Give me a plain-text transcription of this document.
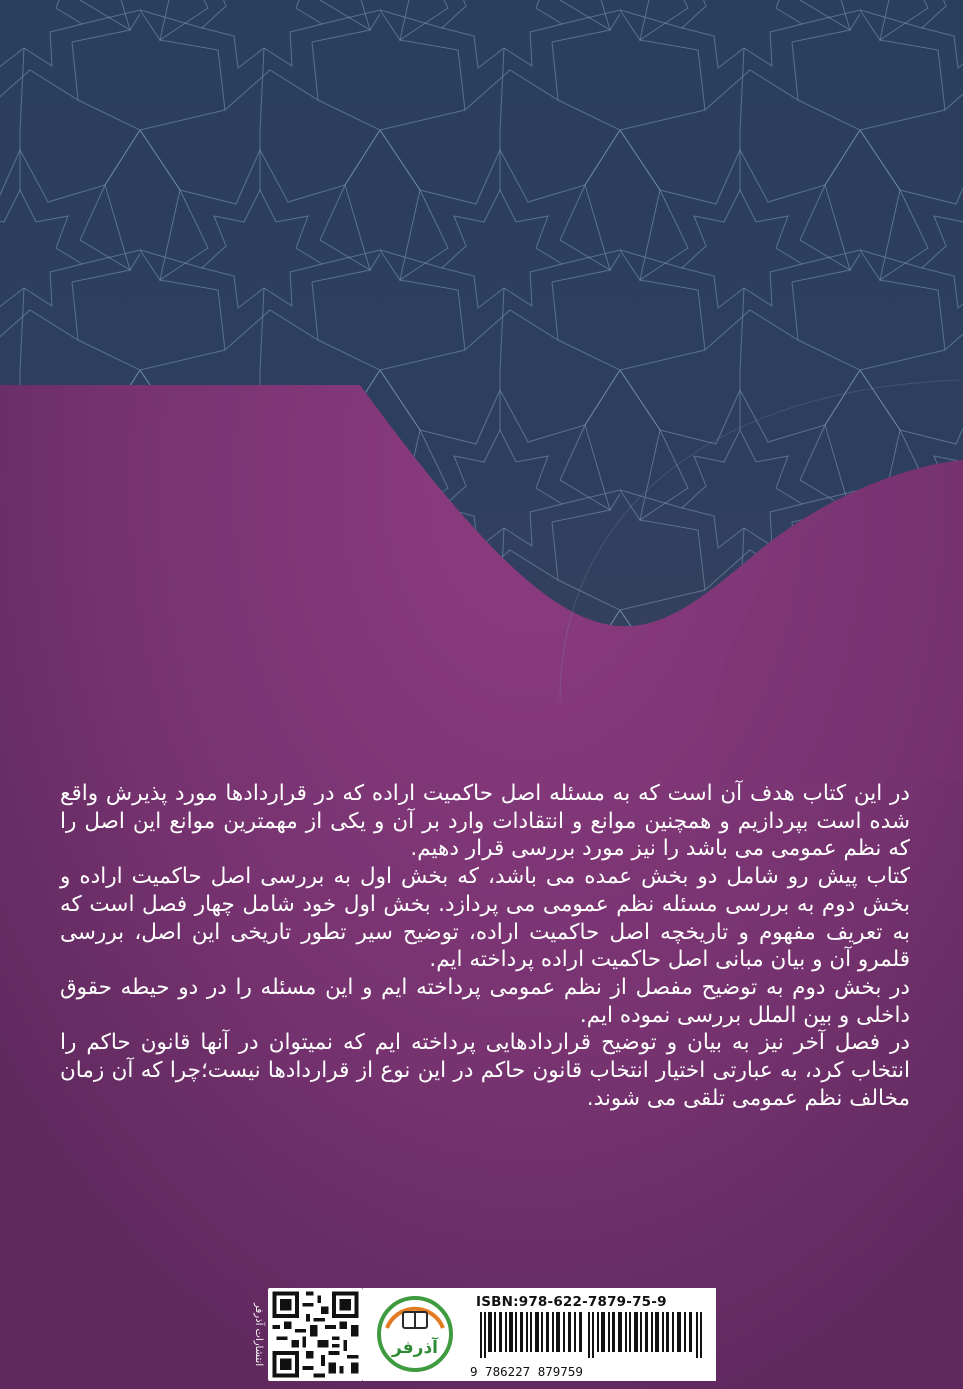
در این کتاب هدف آن است که به مسئله اصل حاکمیت اراده که در قراردادها مورد پذیرش واقع شده است بپردازیم و همچنین موانع و انتقادات وارد بر آن و یکی از مهمترین موانع این اصل را که نظم عمومی می باشد را نیز مورد بررسی قرار دهیم.

کتاب پیش رو شامل دو بخش عمده می باشد، که بخش اول به بررسی اصل حاکمیت اراده و بخش دوم به بررسی مسئله نظم عمومی می پردازد. بخش اول خود شامل چهار فصل است که به تعریف مفهوم و تاریخچه اصل حاکمیت اراده، توضیح سیر تطور تاریخی این اصل، بررسی قلمرو آن و بیان مبانی اصل حاکمیت اراده پرداخته ایم.

در بخش دوم به توضیح مفصل از نظم عمومی پرداخته ایم و این مسئله را در دو حیطه حقوق داخلی و بین الملل بررسی نموده ایم.

در فصل آخر نیز به بیان و توضیح قراردادهایی پرداخته ایم که نمیتوان در آنها قانون حاکم را انتخاب کرد، به عبارتی اختیار انتخاب قانون حاکم در این نوع از قراردادها نیست؛چرا که آن زمان مخالف نظم عمومی تلقی می شوند.

انتشارات آذرفر	آذرفر
ISBN:978-622-7879-75-9
9 786227 879759
